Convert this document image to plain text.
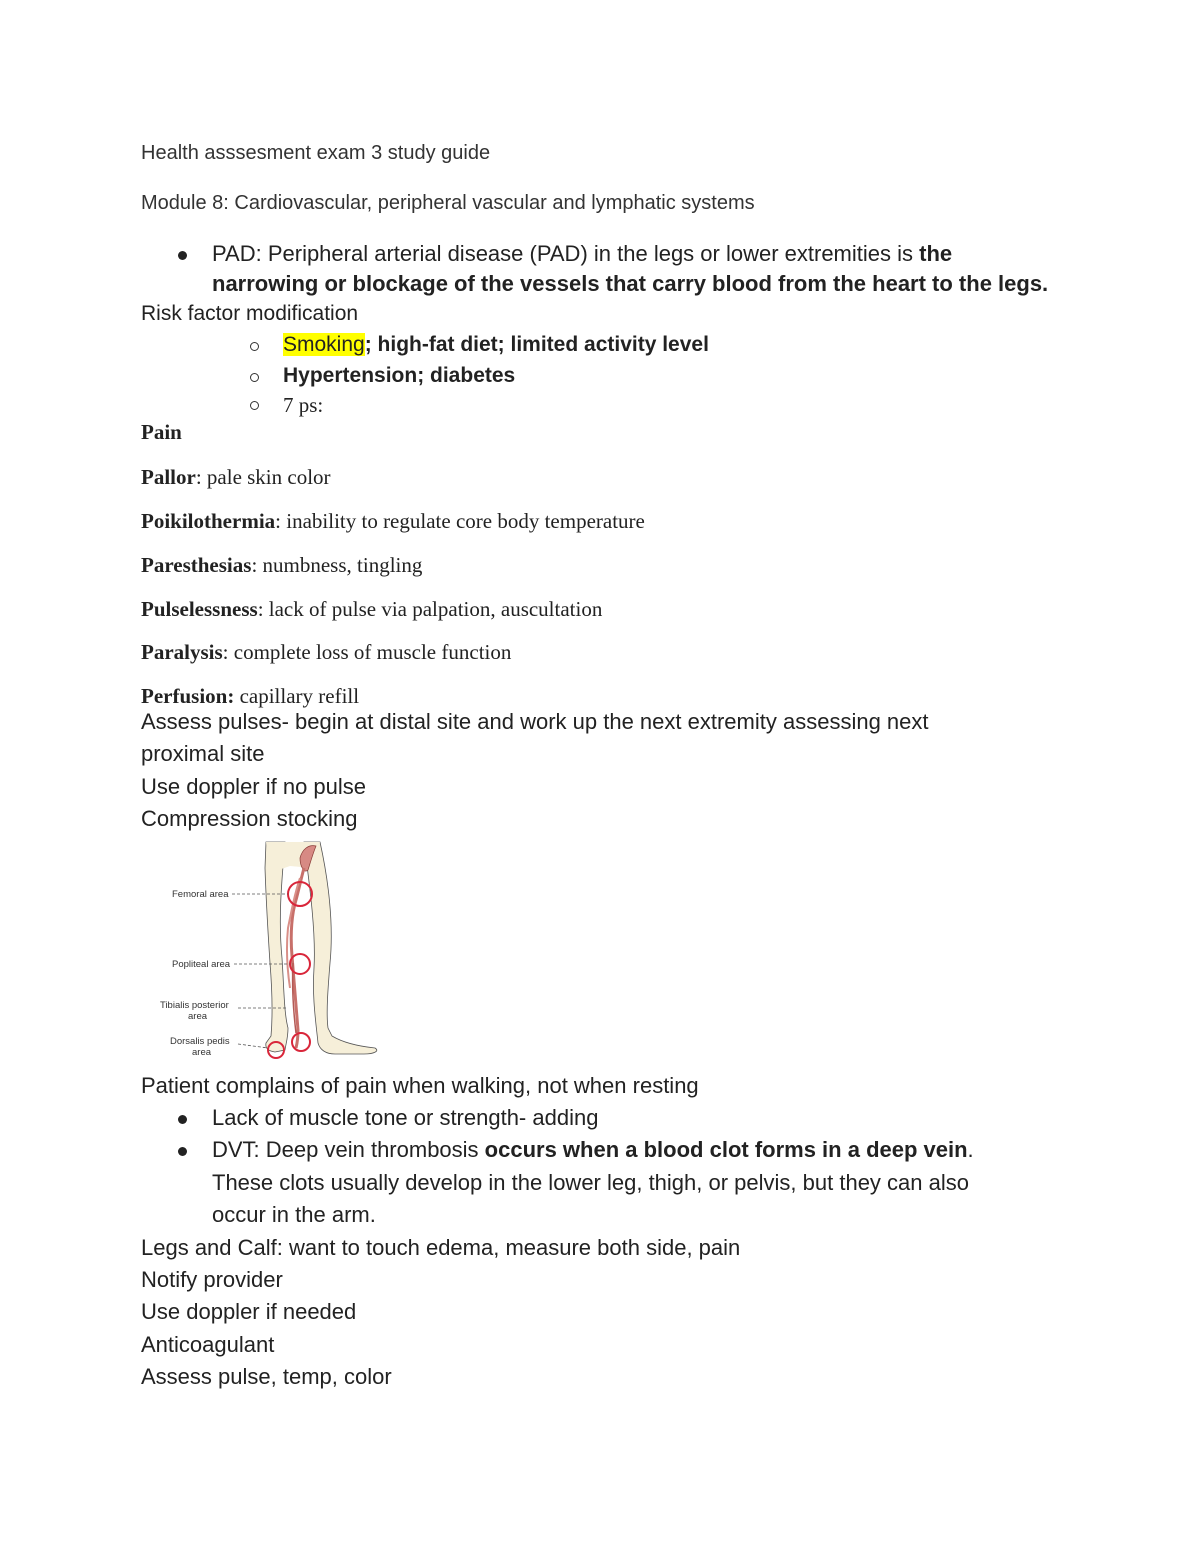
Health asssesment exam 3 study guide
Module 8: Cardiovascular, peripheral vascular and lymphatic systems
PAD: Peripheral arterial disease (PAD) in the legs or lower extremities is the
narrowing or blockage of the vessels that carry blood from the heart to the legs.
Risk factor modification
Smoking; high-fat diet; limited activity level
Hypertension; diabetes
7 ps:
Pain
Pallor: pale skin color
Poikilothermia: inability to regulate core body temperature
Paresthesias: numbness, tingling
Pulselessness: lack of pulse via palpation, auscultation
Paralysis: complete loss of muscle function
Perfusion: capillary refill
Assess pulses- begin at distal site and work up the next extremity assessing next
proximal site
Use doppler if no pulse
Compression stocking
Femoral area
Popliteal area
Tibialis posterior
area
Dorsalis pedis
area
Patient complains of pain when walking, not when resting
Lack of muscle tone or strength- adding
DVT: Deep vein thrombosis occurs when a blood clot forms in a deep vein.
These clots usually develop in the lower leg, thigh, or pelvis, but they can also
occur in the arm.
Legs and Calf: want to touch edema, measure both side, pain
Notify provider
Use doppler if needed
Anticoagulant
Assess pulse, temp, color
